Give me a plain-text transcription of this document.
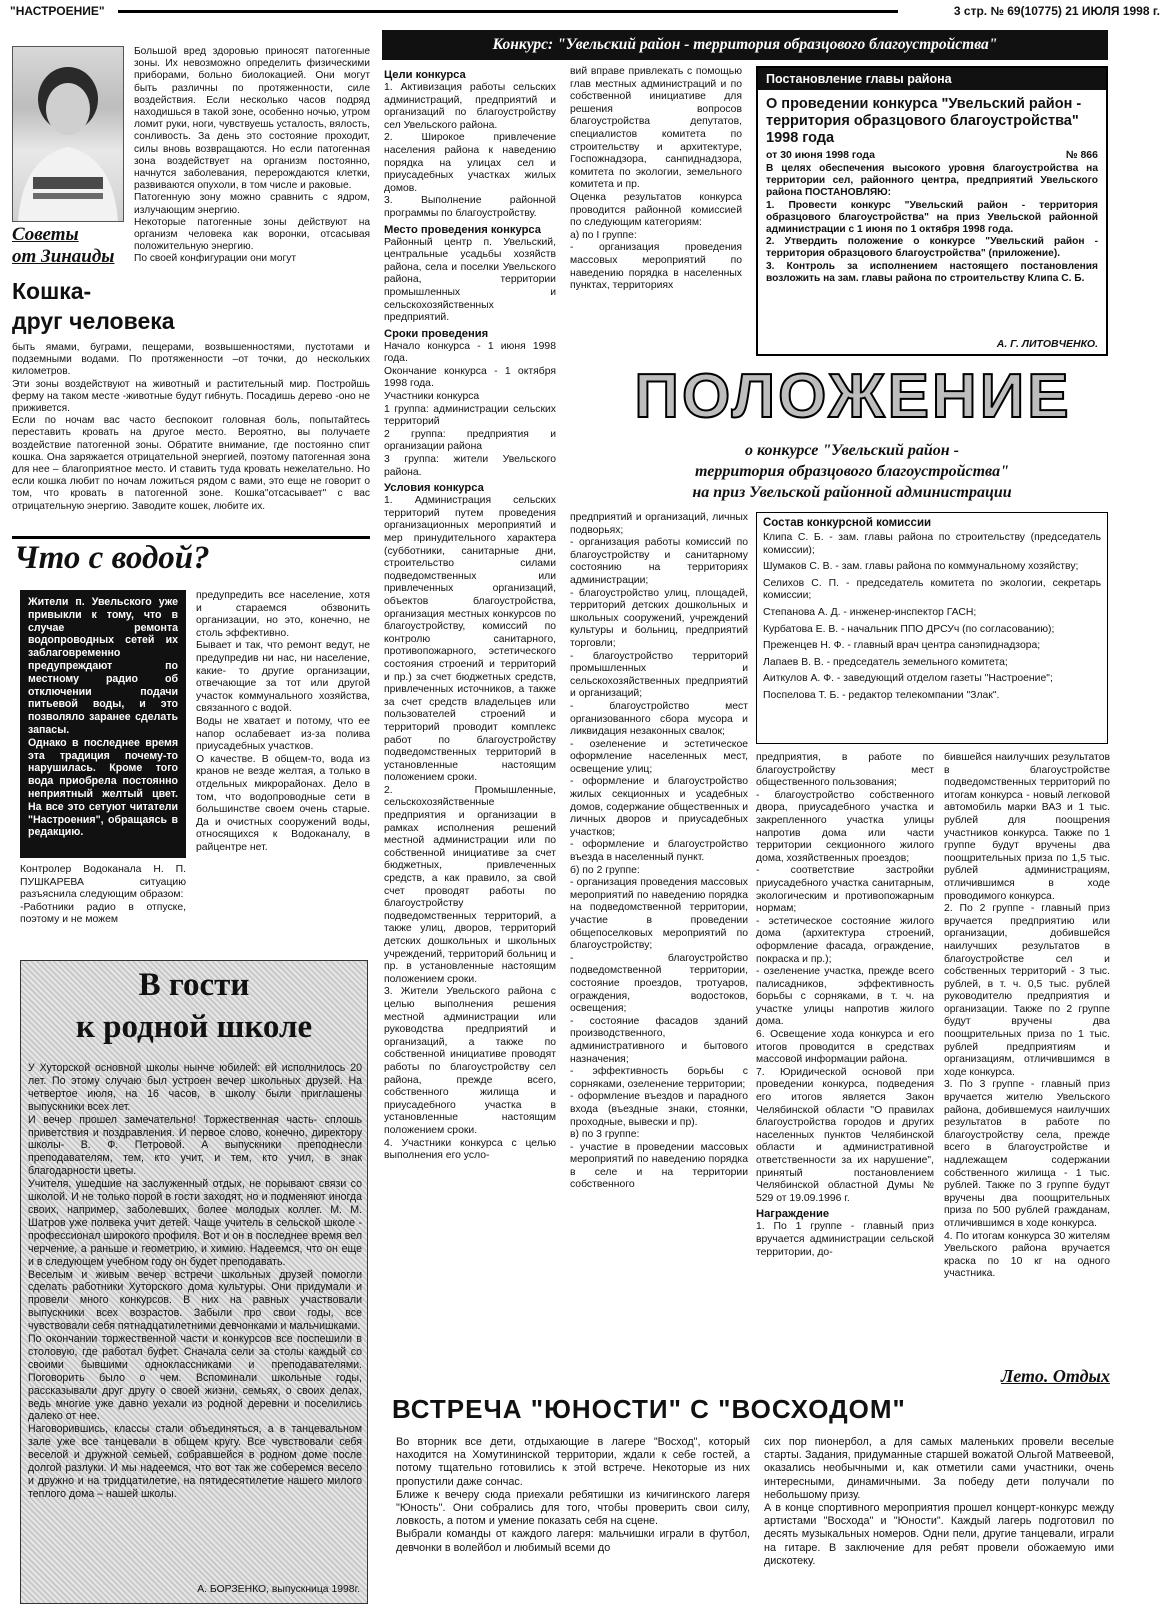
"НАСТРОЕНИЕ"	3 стр. № 69(10775) 21 ИЮЛЯ 1998 г.
Большой вред здоровью приносят патогенные зоны. Их невозможно определить физическими приборами, больно биолокацией. Они могут быть различны по протяженности, силе воздействия. Если несколько часов подряд находишься в такой зоне, особенно ночью, утром ломит руки, ноги, чувствуешь усталость, вялость, сонливость. За день это состояние проходит, силы вновь возвращаются. Но если патогенная зона воздействует на организм постоянно, начнутся заболевания, перерождаются клетки, развиваются опухоли, в том числе и раковые.
Патогенную зону можно сравнить с ядром, излучающим энергию.
Некоторые патогенные зоны действуют на организм человека как воронки, отсасывая положительную энергию.
По своей конфигурации они могут
Советы
от Зинаиды
Кошка-
друг человека
быть ямами, буграми, пещерами, возвышенностями, пустотами и подземными водами. По протяженности –от точки, до нескольких километров.
Эти зоны воздействуют на животный и растительный мир. Постройшь ферму на таком месте -животные будут гибнуть. Посадишь дерево -оно не приживется.
Если по ночам вас часто беспокоит головная боль, попытайтесь переставить кровать на другое место. Вероятно, вы получаете воздействие патогенной зоны. Обратите внимание, где постоянно спит кошка. Она заряжается отрицательной энергией, поэтому патогенная зона для нее – благоприятное место. И ставить туда кровать нежелательно. Но если кошка любит по ночам ложиться рядом с вами, это еще не говорит о том, что кровать в патогенной зоне. Кошка"отсасывает" с вас отрицательную энергию. Заводите кошек, любите их.
Что с водой?
Жители п. Увельского уже привыкли к тому, что в случае ремонта водопроводных сетей их заблаговременно предупреждают по местному радио об отключении подачи питьевой воды, и это позволяло заранее сделать запасы.
Однако в последнее время эта традиция почему-то нарушилась. Кроме того вода приобрела постоянно неприятный желтый цвет. На все это сетуют читатели "Настроения", обращаясь в редакцию.
Контролер Водоканала Н. П. ПУШКАРЕВА ситуацию разъяснила следующим образом:
-Работники радио в отпуске, поэтому и не можем
предупредить все население, хотя и стараемся обзвонить организации, но это, конечно, не столь эффективно.
Бывает и так, что ремонт ведут, не предупредив ни нас, ни население, какие- то другие организации, отвечающие за тот или другой участок коммунального хозяйства, связанного с водой.
Воды не хватает и потому, что ее напор ослабевает из-за полива приусадебных участков.
О качестве. В общем-то, вода из кранов не везде желтая, а только в отдельных микрорайонах. Дело в том, что водопроводные сети в большинстве своем очень старые. Да и очистных сооружений воды, относящихся к Водоканалу, в райцентре нет.
В гости
к родной школе
У Хуторской основной школы нынче юбилей: ей исполнилось 20 лет. По этому случаю был устроен вечер школьных друзей. На четвертое июля, на 16 часов, в школу были приглашены выпускники всех лет.
И вечер прошел замечательно! Торжественная часть- сплошь приветствия и поздравления. И первое слово, конечно, директору школы- В. Ф. Петровой. А выпускники преподнесли преподавателям, тем, кто учит, и тем, кто учил, в знак благодарности цветы.
Учителя, ушедшие на заслуженный отдых, не порывают связи со школой. И не только порой в гости заходят, но и подменяют иногда своих, например, заболевших, более молодых коллег. М. М. Шатров уже полвека учит детей. Чаще учитель в сельской школе - профессионал широкого профиля. Вот и он в последнее время вел черчение, а раньше и геометрию, и химию. Надеемся, что он еще и в следующем учебном году он будет преподавать.
Веселым и живым вечер встречи школьных друзей помогли сделать работники Хуторского дома культуры. Они придумали и провели много конкурсов. В них на равных участвовали выпускники всех возрастов. Забыли про свои годы, все чувствовали себя пятнадцатилетними девчонками и мальчишками.
По окончании торжественной части и конкурсов все поспешили в столовую, где работал буфет. Сначала сели за столы каждый со своими бывшими одноклассниками и преподавателями. Поговорить было о чем. Вспоминали школьные годы, рассказывали друг другу о своей жизни, семьях, о своих делах, ведь многие уже давно уехали из родной деревни и поселились далеко от нее.
Наговорившись, классы стали объединяться, а в танцевальном зале уже все танцевали в общем кругу. Все чувствовали себя веселой и дружной семьей, собравшейся в родном доме после долгой разлуки. И мы надеемся, что вот так же соберемся весело и дружно и на тридцатилетие, на пятидесятилетие нашего милого теплого дома – нашей школы.
А. БОРЗЕНКО, выпускница 1998г.
Конкурс: "Увельский район - территория образцового благоустройства"
Цели конкурса
1. Активизация работы сельских администраций, предприятий и организаций по благоустройству сел Увельского района.
2. Широкое привлечение населения района к наведению порядка на улицах сел и приусадебных участках жилых домов.
3. Выполнение районной программы по благоустройству.
Место проведения конкурса
Районный центр п. Увельский, центральные усадьбы хозяйств района, села и поселки Увельского района, территории промышленных и сельскохозяйственных предприятий.
Сроки проведения
Начало конкурса - 1 июня 1998 года.
Окончание конкурса - 1 октября 1998 года.
Участники конкурса
1 группа: администрации сельских территорий
2 группа: предприятия и организации района
3 группа: жители Увельского района.
Условия конкурса
1. Администрация сельских территорий путем проведения организационных мероприятий и мер принудительного характера (субботники, санитарные дни, строительство силами подведомственных или привлеченных организаций, объектов благоустройства, организация местных конкурсов по благоустройству, комиссий по контролю санитарного, противопожарного, эстетического состояния строений и территорий и пр.) за счет бюджетных средств, привлеченных источников, а также за счет средств владельцев или пользователей строений и территорий проводит комплекс работ по благоустройству подведомственных территорий в установленные настоящим положением сроки.
2. Промышленные, сельскохозяйственные предприятия и организации в рамках исполнения решений местной администрации или по собственной инициативе за счет бюджетных, привлеченных средств, а как правило, за свой счет проводят работы по благоустройству подведомственных территорий, а также улиц, дворов, территорий детских дошкольных и школьных учреждений, территорий больниц и пр. в установленные настоящим положением сроки.
3. Жители Увельского района с целью выполнения решения местной администрации или руководства предприятий и организаций, а также по собственной инициативе проводят работы по благоустройству сел района, прежде всего, собственного жилища и приусадебного участка в установленные настоящим положением сроки.
4. Участники конкурса с целью выполнения его усло-
вий вправе привлекать с помощью глав местных администраций и по собственной инициативе для решения вопросов благоустройства депутатов, специалистов комитета по строительству и архитектуре, Госпожнадзора, санпиднадзора, комитета по экологии, земельного комитета и пр.
Оценка результатов конкурса проводится районной комиссией по следующим категориям:
а) по I группе:
- организация проведения массовых мероприятий по наведению порядка в населенных пунктах, территориях
Постановление главы района
О проведении конкурса "Увельский район - территория образцового благоустройства" 1998 года
от 30 июня 1998 года	№ 866
В целях обеспечения высокого уровня благоустройства на территории сел, районного центра, предприятий Увельского района ПОСТАНОВЛЯЮ:
1. Провести конкурс "Увельский район - территория образцового благоустройства" на приз Увельской районной администрации с 1 июня по 1 октября 1998 года.
2. Утвердить положение о конкурсе "Увельский район - территория образцового благоустройства" (приложение).
3. Контроль за исполнением настоящего постановления возложить на зам. главы района по строительству Клипа С. Б.
А. Г. ЛИТОВЧЕНКО.
ПОЛОЖЕНИЕ
о конкурсе "Увельский район -
территория образцового благоустройства"
на приз Увельской районной администрации
предприятий и организаций, личных подворьях;
- организация работы комиссий по благоустройству и санитарному состоянию на территориях администрации;
- благоустройство улиц, площадей, территорий детских дошкольных и школьных сооружений, учреждений культуры и больниц, предприятий торговли;
- благоустройство территорий промышленных и сельскохозяйственных предприятий и организаций;
- благоустройство мест организованного сбора мусора и ликвидация незаконных свалок;
- озеленение и эстетическое оформление населенных мест, освещение улиц;
- оформление и благоустройство жилых секционных и усадебных домов, содержание общественных и личных дворов и приусадебных участков;
- оформление и благоустройство въезда в населенный пункт.
б) по 2 группе:
- организация проведения массовых мероприятий по наведению порядка на подведомственной территории, участие в проведении общепоселковых мероприятий по благоустройству;
- благоустройство подведомственной территории, состояние проездов, тротуаров, ограждения, водостоков, освещения;
- состояние фасадов зданий производственного, административного и бытового назначения;
- эффективность борьбы с сорняками, озеленение территории;
- оформление въездов и парадного входа (въездные знаки, стоянки, проходные, вывески и пр).
в) по 3 группе:
- участие в проведении массовых мероприятий по наведению порядка в селе и на территории собственного
Состав конкурсной комиссии
Клипа С. Б. - зам. главы района по строительству (председатель комиссии);
Шумаков С. В. - зам. главы района по коммунальному хозяйству;
Селихов С. П. - председатель комитета по экологии, секретарь комиссии;
Степанова А. Д. - инженер-инспектор ГАСН;
Курбатова Е. В. - начальник ППО ДРСУч (по согласованию);
Преженцев Н. Ф. - главный врач центра санэпиднадзора;
Лапаев В. В. - председатель земельного комитета;
Аиткулов А. Ф. - заведующий отделом газеты "Настроение";
Поспелова Т. Б. - редактор телекомпании "Злак".
предприятия, в работе по благоустройству мест общественного пользования;
- благоустройство собственного двора, приусадебного участка и закрепленного участка улицы напротив дома или части территории секционного жилого дома, хозяйственных проездов;
- соответствие застройки приусадебного участка санитарным, экологическим и противопожарным нормам;
- эстетическое состояние жилого дома (архитектура строений, оформление фасада, ограждение, покраска и пр.);
- озеленение участка, прежде всего палисадников, эффективность борьбы с сорняками, в т. ч. на участке улицы напротив жилого дома.
6. Освещение хода конкурса и его итогов проводится в средствах массовой информации района.
7. Юридической основой при проведении конкурса, подведения его итогов является Закон Челябинской области "О правилах благоустройства городов и других населенных пунктов Челябинской области и административной ответственности за их нарушение", принятый постановлением Челябинской областной Думы № 529 от 19.09.1996 г.
Награждение
1. По 1 группе - главный приз вручается администрации сельской территории, до-
бившейся наилучших результатов в благоустройстве подведомственных территорий по итогам конкурса - новый легковой автомобиль марки ВАЗ и 1 тыс. рублей для поощрения участников конкурса. Также по 1 группе будут вручены два поощрительных приза по 1,5 тыс. рублей администрациям, отличившимся в ходе проводимого конкурса.
2. По 2 группе - главный приз вручается предприятию или организации, добившейся наилучших результатов в благоустройстве сел и собственных территорий - 3 тыс. рублей, в т. ч. 0,5 тыс. рублей руководителю предприятия и организации. Также по 2 группе будут вручены два поощрительных приза по 1 тыс. рублей предприятиям и организациям, отличившимся в ходе конкурса.
3. По 3 группе - главный приз вручается жителю Увельского района, добившемуся наилучших результатов в работе по благоустройству села, прежде всего в благоустройстве и надлежащем содержании собственного жилища - 1 тыс. рублей. Также по 3 группе будут вручены два поощрительных приза по 500 рублей гражданам, отличившимся в ходе конкурса.
4. По итогам конкурса 30 жителям Увельского района вручается краска по 10 кг на одного участника.
Лето. Отдых
ВСТРЕЧА "ЮНОСТИ" С "ВОСХОДОМ"
Во вторник все дети, отдыхающие в лагере "Восход", который находится на Хомутининской территории, ждали к себе гостей, а потому тщательно готовились к этой встрече. Некоторые из них пропустили даже сончас.
Ближе к вечеру сюда приехали ребятишки из кичигинского лагеря "Юность". Они собрались для того, чтобы проверить свои силу, ловкость, а потом и умение показать себя на сцене.
Выбрали команды от каждого лагеря: мальчишки играли в футбол, девчонки в волейбол и любимый всеми до
сих пор пионербол, а для самых маленьких провели веселые старты. Задания, придуманные старшей вожатой Ольгой Матвеевой, оказались необычными и, как отметили сами участники, очень интересными, динамичными. За победу дети получали по небольшому призу.
А в конце спортивного мероприятия прошел концерт-конкурс между артистами "Восхода" и "Юности". Каждый лагерь подготовил по десять музыкальных номеров. Одни пели, другие танцевали, играли на гитаре. В заключение для ребят провели обожаемую ими дискотеку.
